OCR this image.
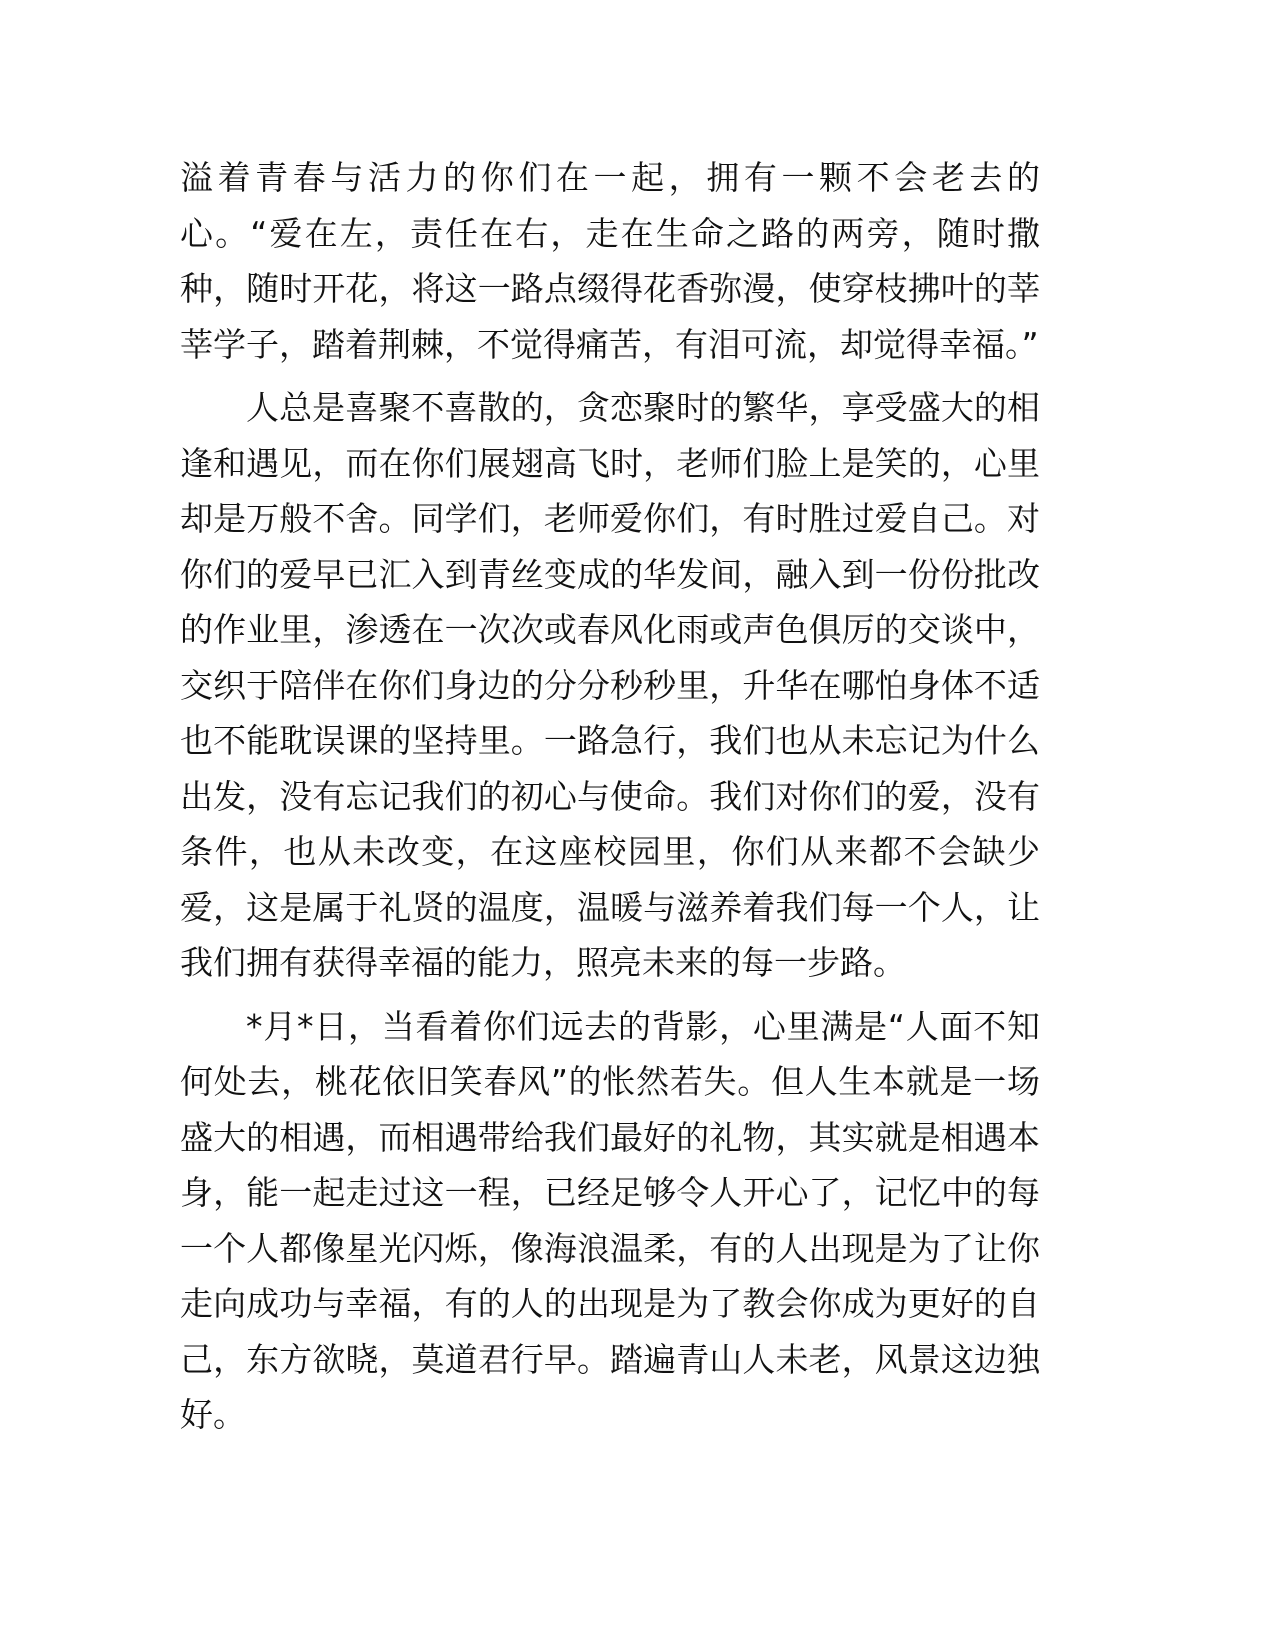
溢着青春与活力的你们在一起，拥有一颗不会老去的心。“爱在左，责任在右，走在生命之路的两旁，随时撒种，随时开花，将这一路点缀得花香弥漫，使穿枝拂叶的莘莘学子，踏着荆棘，不觉得痛苦，有泪可流，却觉得幸福。”

人总是喜聚不喜散的，贪恋聚时的繁华，享受盛大的相逢和遇见，而在你们展翅高飞时，老师们脸上是笑的，心里却是万般不舍。同学们，老师爱你们，有时胜过爱自己。对你们的爱早已汇入到青丝变成的华发间，融入到一份份批改的作业里，渗透在一次次或春风化雨或声色俱厉的交谈中，交织于陪伴在你们身边的分分秒秒里，升华在哪怕身体不适也不能耽误课的坚持里。一路急行，我们也从未忘记为什么出发，没有忘记我们的初心与使命。我们对你们的爱，没有条件，也从未改变，在这座校园里，你们从来都不会缺少爱，这是属于礼贤的温度，温暖与滋养着我们每一个人，让我们拥有获得幸福的能力，照亮未来的每一步路。

*月*日，当看着你们远去的背影，心里满是“人面不知何处去，桃花依旧笑春风”的怅然若失。但人生本就是一场盛大的相遇，而相遇带给我们最好的礼物，其实就是相遇本身，能一起走过这一程，已经足够令人开心了，记忆中的每一个人都像星光闪烁，像海浪温柔，有的人出现是为了让你走向成功与幸福，有的人的出现是为了教会你成为更好的自己，东方欲晓，莫道君行早。踏遍青山人未老，风景这边独好。
